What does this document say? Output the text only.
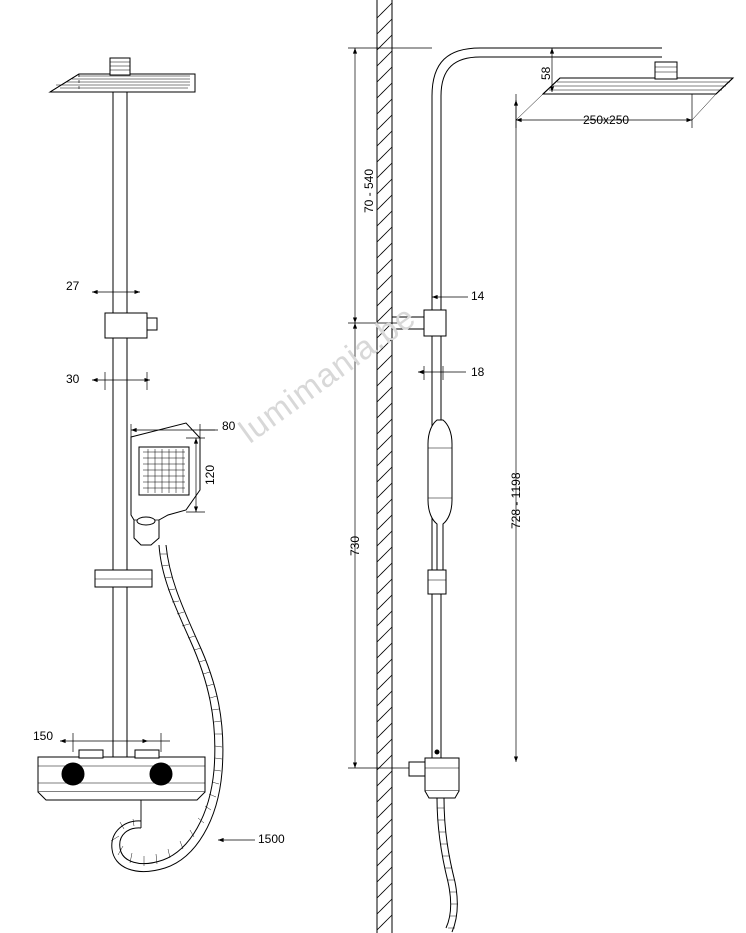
27
30
80
120
150
1500
58
250x250
70 - 540
14
18
730
728 - 1198
lumimania.be
